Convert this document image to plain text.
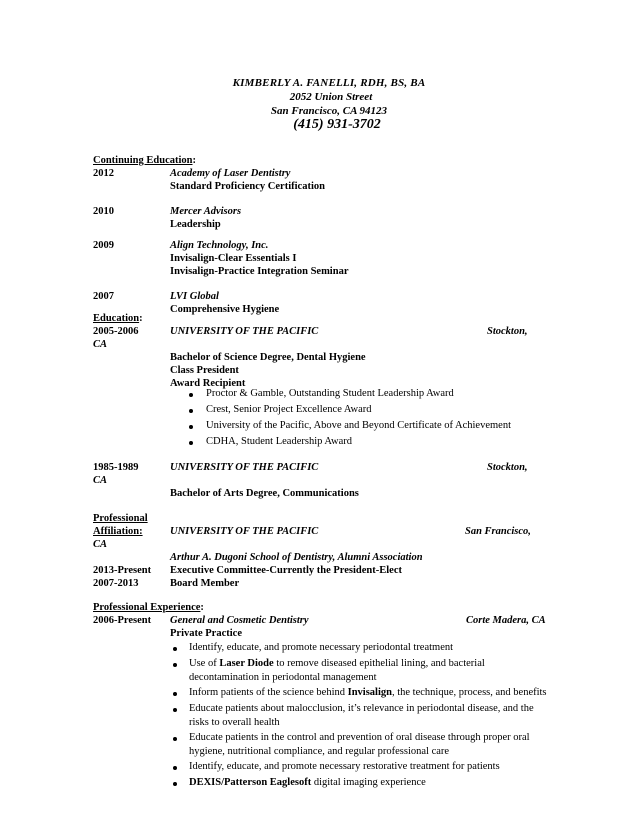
KIMBERLY A. FANELLI, RDH, BS, BA
2052 Union Street
San Francisco, CA 94123
(415) 931-3702
Continuing Education:
2012	Academy of Laser Dentistry
Standard Proficiency Certification
2010	Mercer Advisors
Leadership
2009	Align Technology, Inc.
Invisalign-Clear Essentials I
Invisalign-Practice Integration Seminar
2007	LVI Global
Comprehensive Hygiene
Education:
2005-2006	UNIVERSITY OF THE PACIFIC	Stockton,
CA
Bachelor of Science Degree, Dental Hygiene
Class President
Award Recipient
Proctor & Gamble, Outstanding Student Leadership Award
Crest, Senior Project Excellence Award
University of the Pacific, Above and Beyond Certificate of Achievement
CDHA, Student Leadership Award
1985-1989	UNIVERSITY OF THE PACIFIC	Stockton,
CA
Bachelor of Arts Degree, Communications
Professional
Affiliation:	UNIVERSITY OF THE PACIFIC	San Francisco,
CA
Arthur A. Dugoni School of Dentistry, Alumni Association
2013-Present Executive Committee-Currently the President-Elect
2007-2013	Board Member
Professional Experience:
2006-Present General and Cosmetic Dentistry	Corte Madera, CA
Private Practice
Identify, educate, and promote necessary periodontal treatment
Use of Laser Diode to remove diseased epithelial lining, and bacterial
decontamination in periodontal management
Inform patients of the science behind Invisalign, the technique, process, and benefits
Educate patients about malocclusion, it’s relevance in periodontal disease, and the
risks to overall health
Educate patients in the control and prevention of oral disease through proper oral
hygiene, nutritional compliance, and regular professional care
Identify, educate, and promote necessary restorative treatment for patients
DEXIS/Patterson Eaglesoft digital imaging experience
